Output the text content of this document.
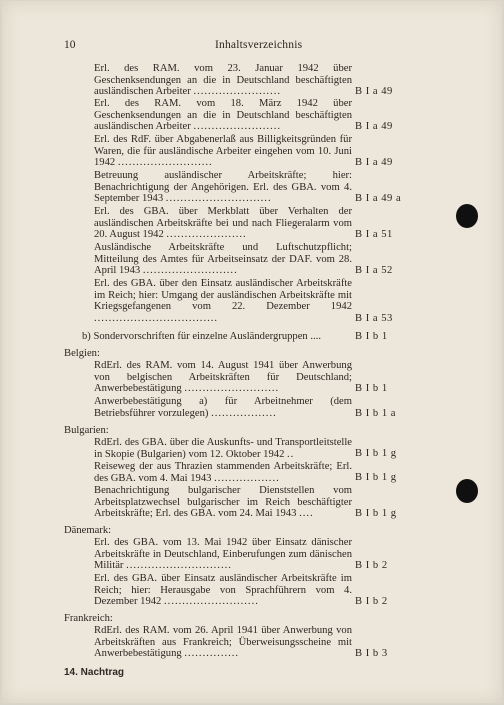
10	Inhaltsverzeichnis
Erl. des RAM. vom 23. Januar 1942 über Geschenksendungen an die in Deutschland beschäftigten ausländischen Arbeiter ........................	B I a 49
Erl. des RAM. vom 18. März 1942 über Geschenksendungen an die in Deutschland beschäftigten ausländischen Arbeiter ........................	B I a 49
Erl. des RdF. über Abgabenerlaß aus Billigkeitsgründen für Waren, die für ausländische Arbeiter eingehen vom 10. Juni 1942 ..........................	B I a 49
Betreuung ausländischer Arbeitskräfte; hier: Benachrichtigung der Angehörigen. Erl. des GBA. vom 4. September 1943 .............................	B I a 49 a
Erl. des GBA. über Merkblatt über Verhalten der ausländischen Arbeitskräfte bei und nach Fliegeralarm vom 20. August 1942 ......................	B I a 51
Ausländische Arbeitskräfte und Luftschutzpflicht; Mitteilung des Amtes für Arbeitseinsatz der DAF. vom 28. April 1943 ..........................	B I a 52
Erl. des GBA. über den Einsatz ausländischer Arbeitskräfte im Reich; hier: Umgang der ausländischen Arbeitskräfte mit Kriegsgefangenen vom 22. Dezember 1942 ..................................	B I a 53
b) Sondervorschriften für einzelne Ausländergruppen ....	B I b 1
Belgien:
RdErl. des RAM. vom 14. August 1941 über Anwerbung von belgischen Arbeitskräften für Deutschland; Anwerbebestätigung ..........................	B I b 1
Anwerbebestätigung a) für Arbeitnehmer (dem Betriebsführer vorzulegen) ..................	B I b 1 a
Bulgarien:
RdErl. des GBA. über die Auskunfts- und Transportleitstelle in Skopie (Bulgarien) vom 12. Oktober 1942 ..	B I b 1 g
Reiseweg der aus Thrazien stammenden Arbeitskräfte; Erl. des GBA. vom 4. Mai 1943 ..................	B I b 1 g
Benachrichtigung bulgarischer Dienststellen vom Arbeitsplatzwechsel bulgarischer im Reich beschäftigter Arbeitskräfte; Erl. des GBA. vom 24. Mai 1943 ....	B I b 1 g
Dänemark:
Erl. des GBA. vom 13. Mai 1942 über Einsatz dänischer Arbeitskräfte in Deutschland, Einberufungen zum dänischen Militär .............................	B I b 2
Erl. des GBA. über Einsatz ausländischer Arbeitskräfte im Reich; hier: Herausgabe von Sprachführern vom 4. Dezember 1942 ..........................	B I b 2
Frankreich:
RdErl. des RAM. vom 26. April 1941 über Anwerbung von Arbeitskräften aus Frankreich; Überweisungsscheine mit Anwerbebestätigung ...............	B I b 3
14. Nachtrag
